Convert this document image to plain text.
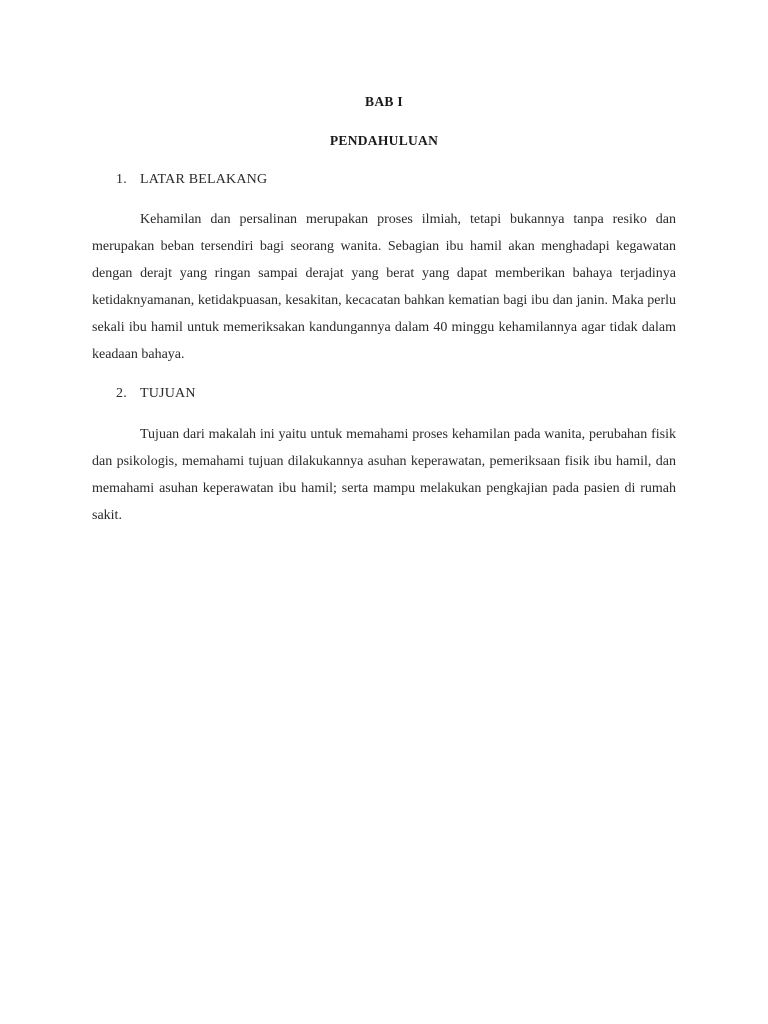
BAB I
PENDAHULUAN
1. LATAR BELAKANG

Kehamilan dan persalinan merupakan proses ilmiah, tetapi bukannya tanpa resiko dan merupakan beban tersendiri bagi seorang wanita. Sebagian ibu hamil akan menghadapi kegawatan dengan derajt yang ringan sampai derajat yang berat yang dapat memberikan bahaya terjadinya ketidaknyamanan, ketidakpuasan, kesakitan, kecacatan bahkan kematian bagi ibu dan janin. Maka perlu sekali ibu hamil untuk memeriksakan kandungannya dalam 40 minggu kehamilannya agar tidak dalam keadaan bahaya.

2. TUJUAN

Tujuan dari makalah ini yaitu untuk memahami proses kehamilan pada wanita, perubahan fisik dan psikologis, memahami tujuan dilakukannya asuhan keperawatan, pemeriksaan fisik ibu hamil, dan memahami asuhan keperawatan ibu hamil; serta mampu melakukan pengkajian pada pasien di rumah sakit.
